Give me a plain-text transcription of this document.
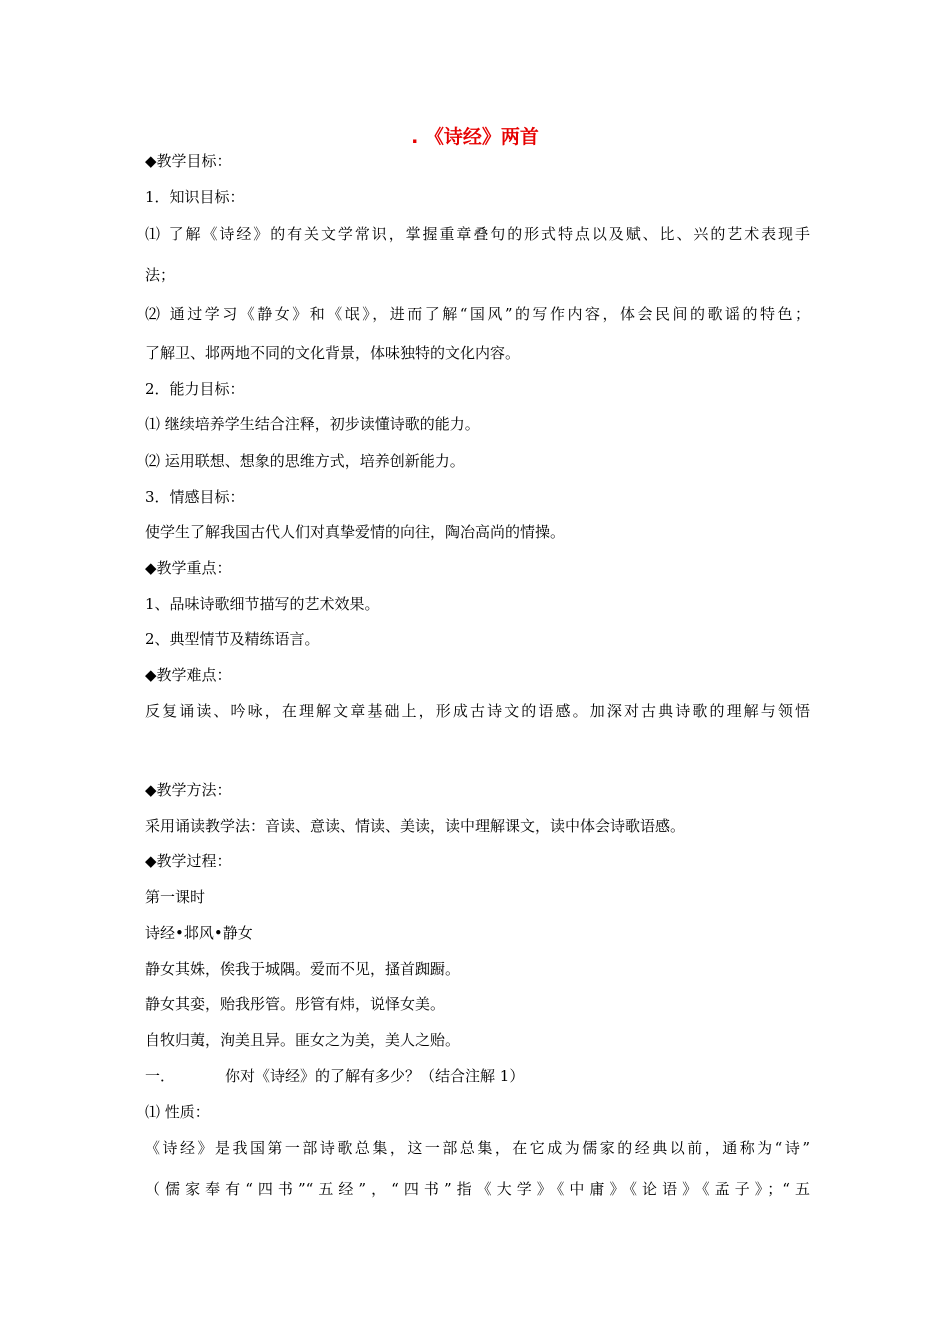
. 《诗经》两首
◆教学目标：
1．知识目标：
⑴ 了解《诗经》的有关文学常识，掌握重章叠句的形式特点以及赋、比、兴的艺术表现手
法；
⑵ 通过学习《静女》和《氓》，进而了解“国风”的写作内容，体会民间的歌谣的特色；
了解卫、邶两地不同的文化背景，体味独特的文化内容。
2．能力目标：
⑴ 继续培养学生结合注释，初步读懂诗歌的能力。
⑵ 运用联想、想象的思维方式，培养创新能力。
3．情感目标：
使学生了解我国古代人们对真挚爱情的向往，陶冶高尚的情操。
◆教学重点：
1、品味诗歌细节描写的艺术效果。
2、典型情节及精练语言。
◆教学难点：
反复诵读、吟咏，在理解文章基础上，形成古诗文的语感。加深对古典诗歌的理解与领悟
◆教学方法：
采用诵读教学法：音读、意读、情读、美读，读中理解课文，读中体会诗歌语感。
◆教学过程：
第一课时
诗经•邶风•静女
静女其姝，俟我于城隅。爱而不见，搔首踟蹰。
静女其娈，贻我彤管。彤管有炜，说怿女美。
自牧归荑，洵美且异。匪女之为美，美人之贻。
一．	你对《诗经》的了解有多少？（结合注解 1）
⑴ 性质：
《诗经》是我国第一部诗歌总集，这一部总集，在它成为儒家的经典以前，通称为“诗”
（儒家奉有“四书”“五经”，“四书”指《大学》《中庸》《论语》《孟子》；“五
